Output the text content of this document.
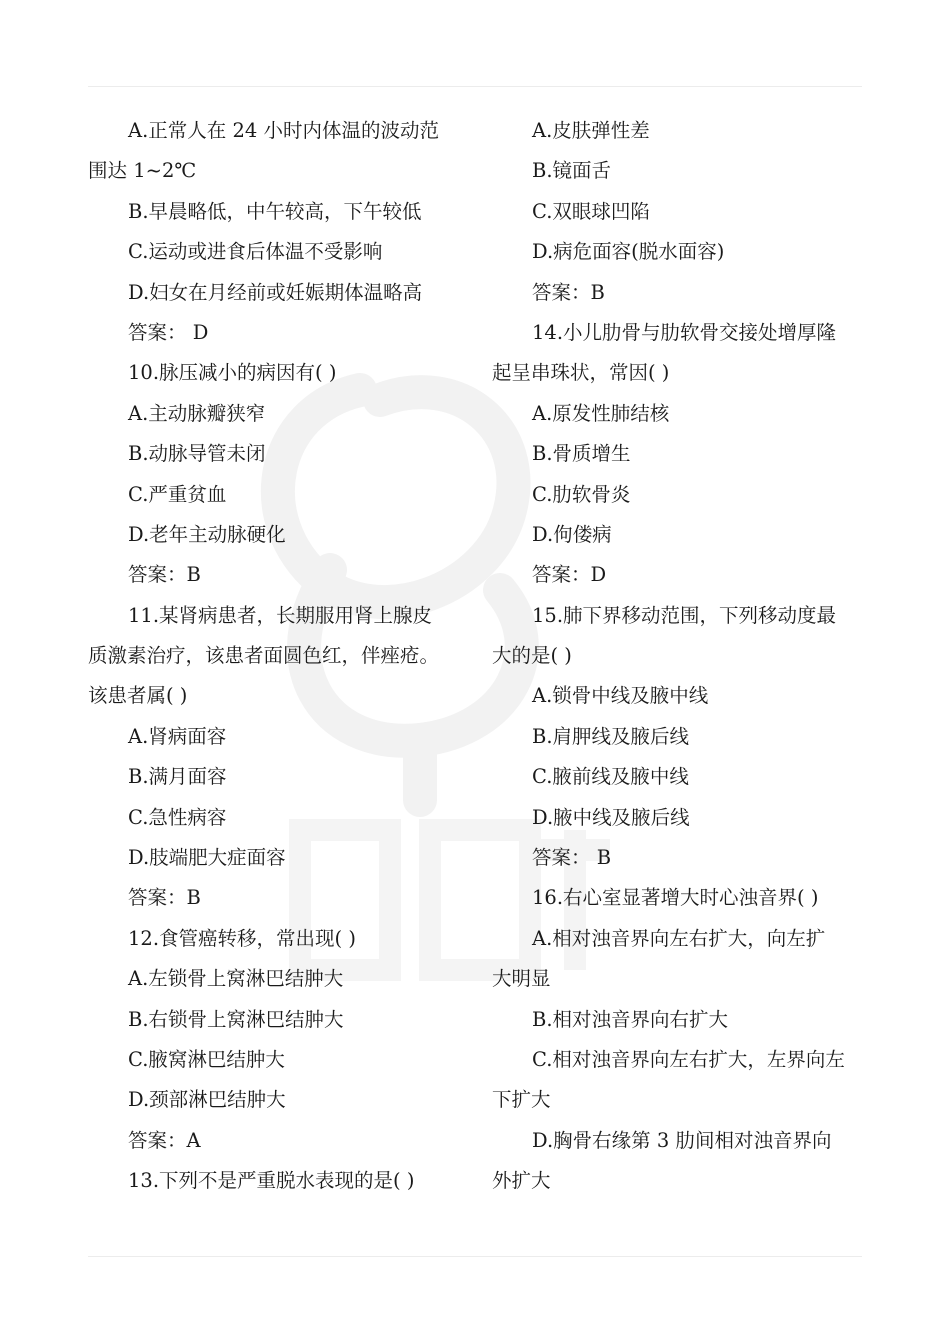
A.正常人在 24 小时内体温的波动范
围达 1~2℃
B.早晨略低，中午较高，下午较低
C.运动或进食后体温不受影响
D.妇女在月经前或妊娠期体温略高
答案： D
10.脉压减小的病因有( )
A.主动脉瓣狭窄
B.动脉导管未闭
C.严重贫血
D.老年主动脉硬化
答案：B
11.某肾病患者，长期服用肾上腺皮
质激素治疗，该患者面圆色红，伴痤疮。
该患者属( )
A.肾病面容
B.满月面容
C.急性病容
D.肢端肥大症面容
答案：B
12.食管癌转移，常出现( )
A.左锁骨上窝淋巴结肿大
B.右锁骨上窝淋巴结肿大
C.腋窝淋巴结肿大
D.颈部淋巴结肿大
答案：A
13.下列不是严重脱水表现的是( )
A.皮肤弹性差
B.镜面舌
C.双眼球凹陷
D.病危面容(脱水面容)
答案：B
14.小儿肋骨与肋软骨交接处增厚隆
起呈串珠状，常因( )
A.原发性肺结核
B.骨质增生
C.肋软骨炎
D.佝偻病
答案：D
15.肺下界移动范围，下列移动度最
大的是( )
A.锁骨中线及腋中线
B.肩胛线及腋后线
C.腋前线及腋中线
D.腋中线及腋后线
答案： B
16.右心室显著增大时心浊音界( )
A.相对浊音界向左右扩大，向左扩
大明显
B.相对浊音界向右扩大
C.相对浊音界向左右扩大，左界向左
下扩大
D.胸骨右缘第 3 肋间相对浊音界向
外扩大
